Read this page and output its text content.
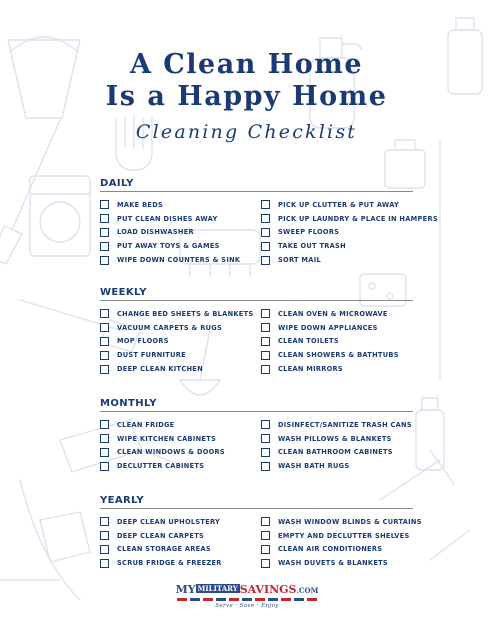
A Clean Home
Is a Happy Home
Cleaning Checklist
DAILY
MAKE BEDS
PUT CLEAN DISHES AWAY
LOAD DISHWASHER
PUT AWAY TOYS & GAMES
WIPE DOWN COUNTERS & SINK
PICK UP CLUTTER & PUT AWAY
PICK UP LAUNDRY & PLACE IN HAMPERS
SWEEP FLOORS
TAKE OUT TRASH
SORT MAIL
WEEKLY
CHANGE BED SHEETS & BLANKETS
VACUUM CARPETS & RUGS
MOP FLOORS
DUST FURNITURE
DEEP CLEAN KITCHEN
CLEAN OVEN & MICROWAVE
WIPE DOWN APPLIANCES
CLEAN TOILETS
CLEAN SHOWERS & BATHTUBS
CLEAN MIRRORS
MONTHLY
CLEAN FRIDGE
WIPE KITCHEN CABINETS
CLEAN WINDOWS & DOORS
DECLUTTER CABINETS
DISINFECT/SANITIZE TRASH CANS
WASH PILLOWS & BLANKETS
CLEAN BATHROOM CABINETS
WASH BATH RUGS
YEARLY
DEEP CLEAN UPHOLSTERY
DEEP CLEAN CARPETS
CLEAN STORAGE AREAS
SCRUB FRIDGE & FREEZER
WASH WINDOW BLINDS & CURTAINS
EMPTY AND DECLUTTER SHELVES
CLEAN AIR CONDITIONERS
WASH DUVETS & BLANKETS
MY MILITARY SAVINGS.COM
Serve · Save · Enjoy
